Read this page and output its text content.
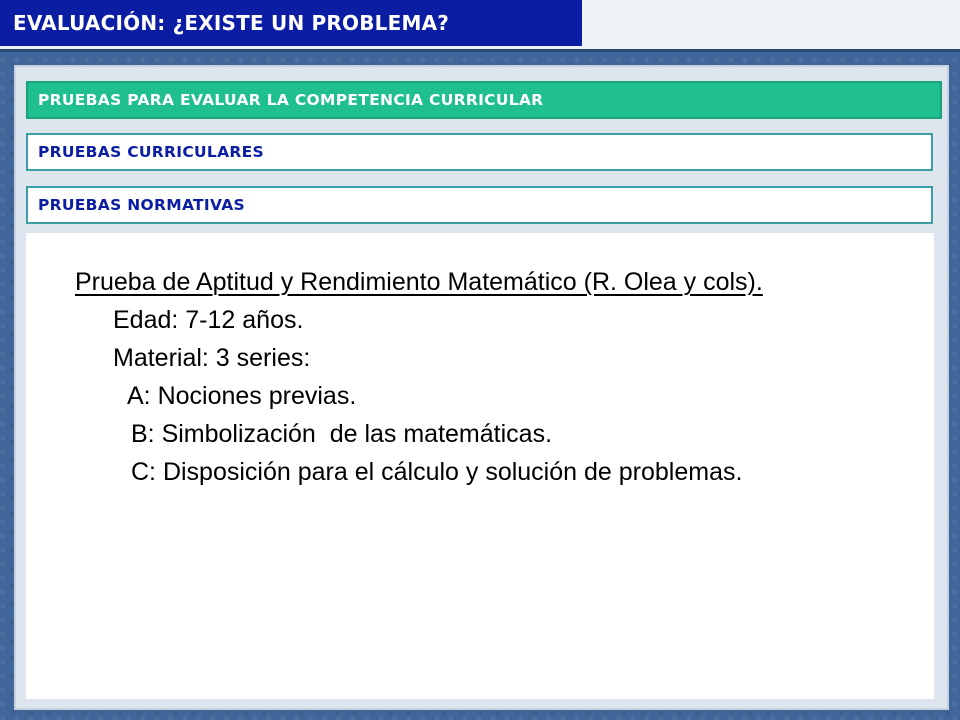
EVALUACIÓN: ¿EXISTE UN PROBLEMA?
PRUEBAS PARA EVALUAR LA COMPETENCIA CURRICULAR
PRUEBAS CURRICULARES
PRUEBAS NORMATIVAS
Prueba de Aptitud y Rendimiento Matemático (R. Olea y cols).
Edad: 7-12 años.
Material: 3 series:
A: Nociones previas.
B: Simbolización  de las matemáticas.
C: Disposición para el cálculo y solución de problemas.
